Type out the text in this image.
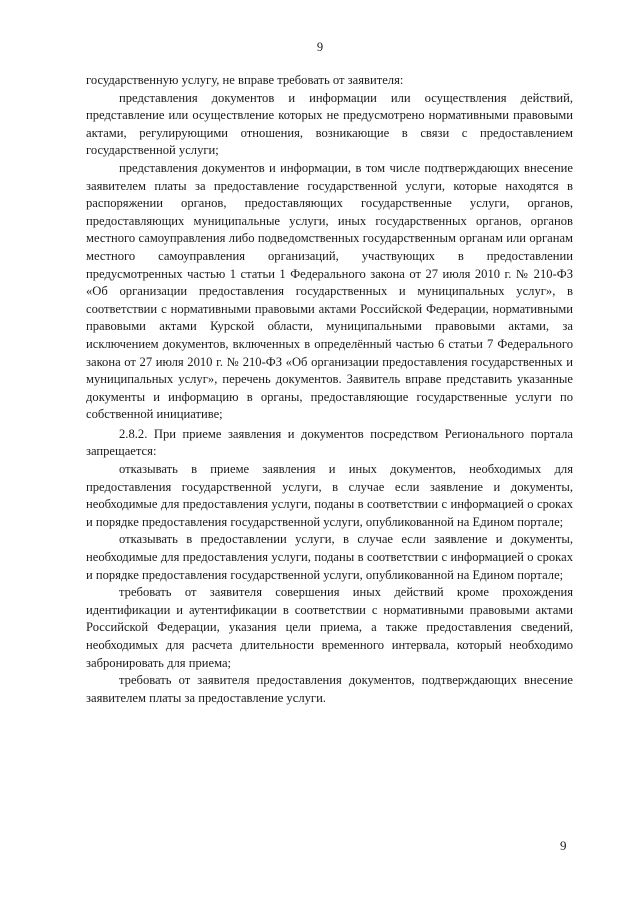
9

государственную услугу, не вправе требовать от заявителя:

представления документов и информации или осуществления действий, представление или осуществление которых не предусмотрено нормативными правовыми актами, регулирующими отношения, возникающие в связи с предоставлением государственной услуги;

представления документов и информации, в том числе подтверждающих внесение заявителем платы за предоставление государственной услуги, которые находятся в распоряжении органов, предоставляющих государственные услуги, органов, предоставляющих муниципальные услуги, иных государственных органов, органов местного самоуправления либо подведомственных государственным органам или органам местного самоуправления организаций, участвующих в предоставлении предусмотренных частью 1 статьи 1 Федерального закона от 27 июля 2010 г. № 210-ФЗ «Об организации предоставления государственных и муниципальных услуг», в соответствии с нормативными правовыми актами Российской Федерации, нормативными правовыми актами Курской области, муниципальными правовыми актами, за исключением документов, включенных в определённый частью 6 статьи 7 Федерального закона от 27 июля 2010 г. № 210-ФЗ «Об организации предоставления государственных и муниципальных услуг», перечень документов. Заявитель вправе представить указанные документы и информацию в органы, предоставляющие государственные услуги по собственной инициативе;

2.8.2. При приеме заявления и документов посредством Регионального портала запрещается:

отказывать в приеме заявления и иных документов, необходимых для предоставления государственной услуги, в случае если заявление и документы, необходимые для предоставления услуги, поданы в соответствии с информацией о сроках и порядке предоставления государственной услуги, опубликованной на Едином портале;

отказывать в предоставлении услуги, в случае если заявление и документы, необходимые для предоставления услуги, поданы в соответствии с информацией о сроках и порядке предоставления государственной услуги, опубликованной на Едином портале;

требовать от заявителя совершения иных действий кроме прохождения идентификации и аутентификации в соответствии с нормативными правовыми актами Российской Федерации, указания цели приема, а также предоставления сведений, необходимых для расчета длительности временного интервала, который необходимо забронировать для приема;

требовать от заявителя предоставления документов, подтверждающих внесение заявителем платы за предоставление услуги.

9
